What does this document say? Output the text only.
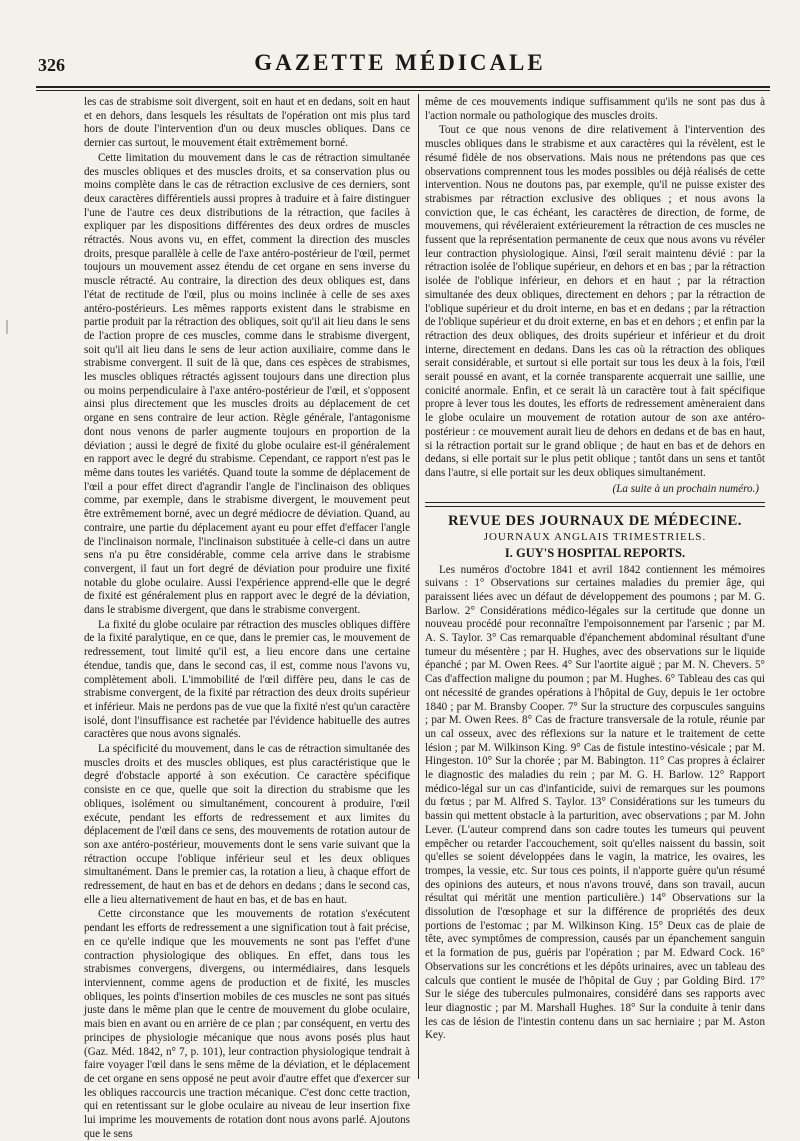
326	GAZETTE MÉDICALE

les cas de strabisme soit divergent, soit en haut et en dedans, soit en haut et en dehors, dans lesquels les résultats de l'opération ont mis plus tard hors de doute l'intervention d'un ou deux muscles obliques. Dans ce dernier cas surtout, le mouvement était extrêmement borné.

Cette limitation du mouvement dans le cas de rétraction simultanée des muscles obliques et des muscles droits, et sa conservation plus ou moins complète dans le cas de rétraction exclusive de ces derniers, sont deux caractères différentiels aussi propres à traduire et à faire distinguer l'une de l'autre ces deux distributions de la rétraction, que faciles à expliquer par les dispositions différentes des deux ordres de muscles rétractés. Nous avons vu, en effet, comment la direction des muscles droits, presque parallèle à celle de l'axe antéro-postérieur de l'œil, permet toujours un mouvement assez étendu de cet organe en sens inverse du muscle rétracté. Au contraire, la direction des deux obliques est, dans l'état de rectitude de l'œil, plus ou moins inclinée à celle de ses axes antéro-postérieurs. Les mêmes rapports existent dans le strabisme en partie produit par la rétraction des obliques, soit qu'il ait lieu dans le sens de l'action propre de ces muscles, comme dans le strabisme divergent, soit qu'il ait lieu dans le sens de leur action auxiliaire, comme dans le strabisme convergent. Il suit de là que, dans ces espèces de strabismes, les muscles obliques rétractés agissent toujours dans une direction plus ou moins perpendiculaire à l'axe antéro-postérieur de l'œil, et s'opposent ainsi plus directement que les muscles droits au déplacement de cet organe en sens contraire de leur action. Règle générale, l'antagonisme dont nous venons de parler augmente toujours en proportion de la déviation ; aussi le degré de fixité du globe oculaire est-il généralement en rapport avec le degré du strabisme. Cependant, ce rapport n'est pas le même dans toutes les variétés. Quand toute la somme de déplacement de l'œil a pour effet direct d'agrandir l'angle de l'inclinaison des obliques comme, par exemple, dans le strabisme divergent, le mouvement peut être extrêmement borné, avec un degré médiocre de déviation. Quand, au contraire, une partie du déplacement ayant eu pour effet d'effacer l'angle de l'inclinaison normale, l'inclinaison substituée à celle-ci dans un autre sens n'a pu être considérable, comme cela arrive dans le strabisme convergent, il faut un fort degré de déviation pour produire une fixité notable du globe oculaire. Aussi l'expérience apprend-elle que le degré de fixité est généralement plus en rapport avec le degré de la déviation, dans le strabisme divergent, que dans le strabisme convergent.

La fixité du globe oculaire par rétraction des muscles obliques diffère de la fixité paralytique, en ce que, dans le premier cas, le mouvement de redressement, tout limité qu'il est, a lieu encore dans une certaine étendue, tandis que, dans le second cas, il est, comme nous l'avons vu, complètement aboli. L'immobilité de l'œil diffère peu, dans le cas de strabisme convergent, de la fixité par rétraction des deux droits supérieur et inférieur. Mais ne perdons pas de vue que la fixité n'est qu'un caractère isolé, dont l'insuffisance est rachetée par l'évidence habituelle des autres caractères que nous avons signalés.

La spécificité du mouvement, dans le cas de rétraction simultanée des muscles droits et des muscles obliques, est plus caractéristique que le degré d'obstacle apporté à son exécution. Ce caractère spécifique consiste en ce que, quelle que soit la direction du strabisme que les obliques, isolément ou simultanément, concourent à produire, l'œil exécute, pendant les efforts de redressement et aux limites du déplacement de l'œil dans ce sens, des mouvements de rotation autour de son axe antéro-postérieur, mouvements dont le sens varie suivant que la rétraction occupe l'oblique inférieur seul et les deux obliques simultanément. Dans le premier cas, la rotation a lieu, à chaque effort de redressement, de haut en bas et de dehors en dedans ; dans le second cas, elle a lieu alternativement de haut en bas, et de bas en haut.

Cette circonstance que les mouvements de rotation s'exécutent pendant les efforts de redressement a une signification tout à fait précise, en ce qu'elle indique que les mouvements ne sont pas l'effet d'une contraction physiologique des obliques. En effet, dans tous les strabismes convergens, divergens, ou intermédiaires, dans lesquels interviennent, comme agens de production et de fixité, les muscles obliques, les points d'insertion mobiles de ces muscles ne sont pas situés juste dans le même plan que le centre de mouvement du globe oculaire, mais bien en avant ou en arrière de ce plan ; par conséquent, en vertu des principes de physiologie mécanique que nous avons posés plus haut (Gaz. Méd. 1842, n° 7, p. 101), leur contraction physiologique tendrait à faire voyager l'œil dans le sens même de la déviation, et le déplacement de cet organe en sens opposé ne peut avoir d'autre effet que d'exercer sur les obliques raccourcis une traction mécanique. C'est donc cette traction, qui en retentissant sur le globe oculaire au niveau de leur insertion fixe lui imprime les mouvements de rotation dont nous avons parlé. Ajoutons que le sens

même de ces mouvements indique suffisamment qu'ils ne sont pas dus à l'action normale ou pathologique des muscles droits.

Tout ce que nous venons de dire relativement à l'intervention des muscles obliques dans le strabisme et aux caractères qui la révèlent, est le résumé fidèle de nos observations. Mais nous ne prétendons pas que ces observations comprennent tous les modes possibles ou déjà réalisés de cette intervention. Nous ne doutons pas, par exemple, qu'il ne puisse exister des strabismes par rétraction exclusive des obliques ; et nous avons la conviction que, le cas échéant, les caractères de direction, de forme, de mouvemens, qui révéleraient extérieurement la rétraction de ces muscles ne fussent que la représentation permanente de ceux que nous avons vu révéler leur contraction physiologique. Ainsi, l'œil serait maintenu dévié : par la rétraction isolée de l'oblique supérieur, en dehors et en bas ; par la rétraction isolée de l'oblique inférieur, en dehors et en haut ; par la rétraction simultanée des deux obliques, directement en dehors ; par la rétraction de l'oblique supérieur et du droit interne, en bas et en dedans ; par la rétraction de l'oblique supérieur et du droit externe, en bas et en dehors ; et enfin par la rétraction des deux obliques, des droits supérieur et inférieur et du droit interne, directement en dedans. Dans les cas où la rétraction des obliques serait considérable, et surtout si elle portait sur tous les deux à la fois, l'œil serait poussé en avant, et la cornée transparente acquerrait une saillie, une conicité anormale. Enfin, et ce serait là un caractère tout à fait spécifique propre à lever tous les doutes, les efforts de redressement amèneraient dans le globe oculaire un mouvement de rotation autour de son axe antéro-postérieur : ce mouvement aurait lieu de dehors en dedans et de bas en haut, si la rétraction portait sur le grand oblique ; de haut en bas et de dehors en dedans, si elle portait sur le plus petit oblique ; tantôt dans un sens et tantôt dans l'autre, si elle portait sur les deux obliques simultanément.

(La suite à un prochain numéro.)
REVUE DES JOURNAUX DE MÉDECINE.
JOURNAUX ANGLAIS TRIMESTRIELS.
I. GUY'S HOSPITAL REPORTS.

Les numéros d'octobre 1841 et avril 1842 contiennent les mémoires suivans : 1° Observations sur certaines maladies du premier âge, qui paraissent liées avec un défaut de développement des poumons ; par M. G. Barlow. 2° Considérations médico-légales sur la certitude que donne un nouveau procédé pour reconnaître l'empoisonnement par l'arsenic ; par M. A. S. Taylor. 3° Cas remarquable d'épanchement abdominal résultant d'une tumeur du mésentère ; par H. Hughes, avec des observations sur le liquide épanché ; par M. Owen Rees. 4° Sur l'aortite aiguë ; par M. N. Chevers. 5° Cas d'affection maligne du poumon ; par M. Hughes. 6° Tableau des cas qui ont nécessité de grandes opérations à l'hôpital de Guy, depuis le 1er octobre 1840 ; par M. Bransby Cooper. 7° Sur la structure des corpuscules sanguins ; par M. Owen Rees. 8° Cas de fracture transversale de la rotule, réunie par un cal osseux, avec des réflexions sur la nature et le traitement de cette lésion ; par M. Wilkinson King. 9° Cas de fistule intestino-vésicale ; par M. Hingeston. 10° Sur la chorée ; par M. Babington. 11° Cas propres à éclairer le diagnostic des maladies du rein ; par M. G. H. Barlow. 12° Rapport médico-légal sur un cas d'infanticide, suivi de remarques sur les poumons du fœtus ; par M. Alfred S. Taylor. 13° Considérations sur les tumeurs du bassin qui mettent obstacle à la parturition, avec observations ; par M. John Lever. (L'auteur comprend dans son cadre toutes les tumeurs qui peuvent empêcher ou retarder l'accouchement, soit qu'elles naissent du bassin, soit qu'elles se soient développées dans le vagin, la matrice, les ovaires, les trompes, la vessie, etc. Sur tous ces points, il n'apporte guère qu'un résumé des opinions des auteurs, et nous n'avons trouvé, dans son travail, aucun résultat qui mérität une mention particulière.) 14° Observations sur la dissolution de l'œsophage et sur la différence de propriétés des deux portions de l'estomac ; par M. Wilkinson King. 15° Deux cas de plaie de tête, avec symptômes de compression, causés par un épanchement sanguin et la formation de pus, guéris par l'opération ; par M. Edward Cock. 16° Observations sur les concrétions et les dépôts urinaires, avec un tableau des calculs que contient le musée de l'hôpital de Guy ; par Golding Bird. 17° Sur le siége des tubercules pulmonaires, considéré dans ses rapports avec leur diagnostic ; par M. Marshall Hughes. 18° Sur la conduite à tenir dans les cas de lésion de l'intestin contenu dans un sac herniaire ; par M. Aston Key.
